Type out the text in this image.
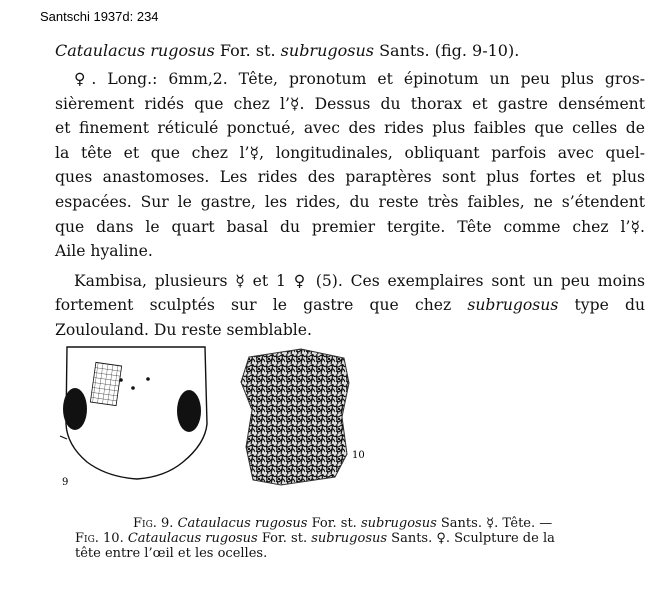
Santschi 1937d: 234
Cataulacus rugosus For. st. subrugosus Sants. (fig. 9-10).
♀. Long.: 6mm,2. Tête, pronotum et épinotum un peu plus gros-
sièrement ridés que chez l’☿. Dessus du thorax et gastre densément
et finement réticulé ponctué, avec des rides plus faibles que celles de
la tête et que chez l’☿, longitudinales, obliquant parfois avec quel-
ques anastomoses. Les rides des paraptères sont plus fortes et plus
espacées. Sur le gastre, les rides, du reste très faibles, ne s’étendent
que dans le quart basal du premier tergite. Tête comme chez l’☿.
Aile hyaline.
Kambisa, plusieurs ☿ et 1 ♀ (5). Ces exemplaires sont un peu moins
fortement sculptés sur le gastre que chez subrugosus type du
Zoulouland. Du reste semblable.
9
10
Fig. 9. Cataulacus rugosus For. st. subrugosus Sants. ☿. Tête. —
Fig. 10. Cataulacus rugosus For. st. subrugosus Sants. ♀. Sculpture de la
tête entre l’œil et les ocelles.
